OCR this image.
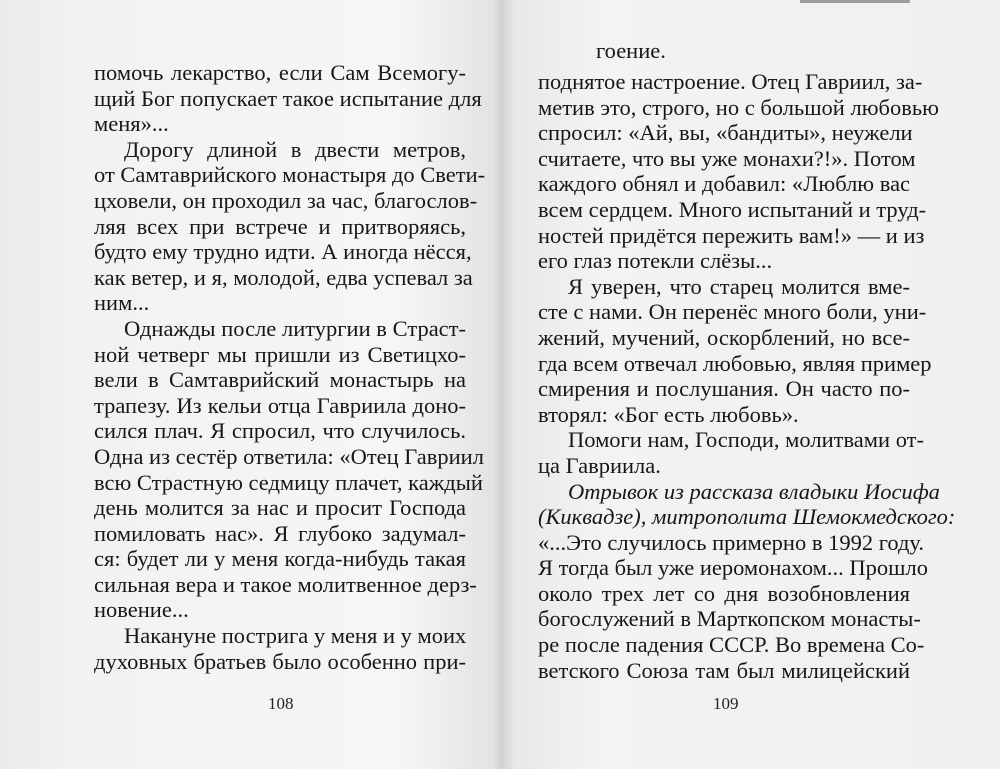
помочь лекарство, если Сам Всемогу-
щий Бог попускает такое испытание для
меня»...
Дорогу длиной в двести метров,
от Самтаврийского монастыря до Свети-
цховели, он проходил за час, благослов-
ляя всех при встрече и притворяясь,
будто ему трудно идти. А иногда нёсся,
как ветер, и я, молодой, едва успевал за
ним...
Однажды после литургии в Страст-
ной четверг мы пришли из Светицхо-
вели в Самтаврийский монастырь на
трапезу. Из кельи отца Гавриила доно-
сился плач. Я спросил, что случилось.
Одна из сестёр ответила: «Отец Гавриил
всю Страстную седмицу плачет, каждый
день молится за нас и просит Господа
помиловать нас». Я глубоко задумал-
ся: будет ли у меня когда-нибудь такая
сильная вера и такое молитвенное дерз-
новение...
Накануне пострига у меня и у моих
духовных братьев было особенно при-
108
гоение.
поднятое настроение. Отец Гавриил, за-
метив это, строго, но с большой любовью
спросил: «Ай, вы, «бандиты», неужели
считаете, что вы уже монахи?!». Потом
каждого обнял и добавил: «Люблю вас
всем сердцем. Много испытаний и труд-
ностей придётся пережить вам!» — и из
его глаз потекли слёзы...
Я уверен, что старец молится вме-
сте с нами. Он перенёс много боли, уни-
жений, мучений, оскорблений, но все-
гда всем отвечал любовью, являя пример
смирения и послушания. Он часто по-
вторял: «Бог есть любовь».
Помоги нам, Господи, молитвами от-
ца Гавриила.
Отрывок из рассказа владыки Иосифа
(Киквадзе), митрополита Шемокмедского:
«...Это случилось примерно в 1992 году.
Я тогда был уже иеромонахом... Прошло
около трех лет со дня возобновления
богослужений в Марткопском монасты-
ре после падения СССР. Во времена Со-
ветского Союза там был милицейский
109
